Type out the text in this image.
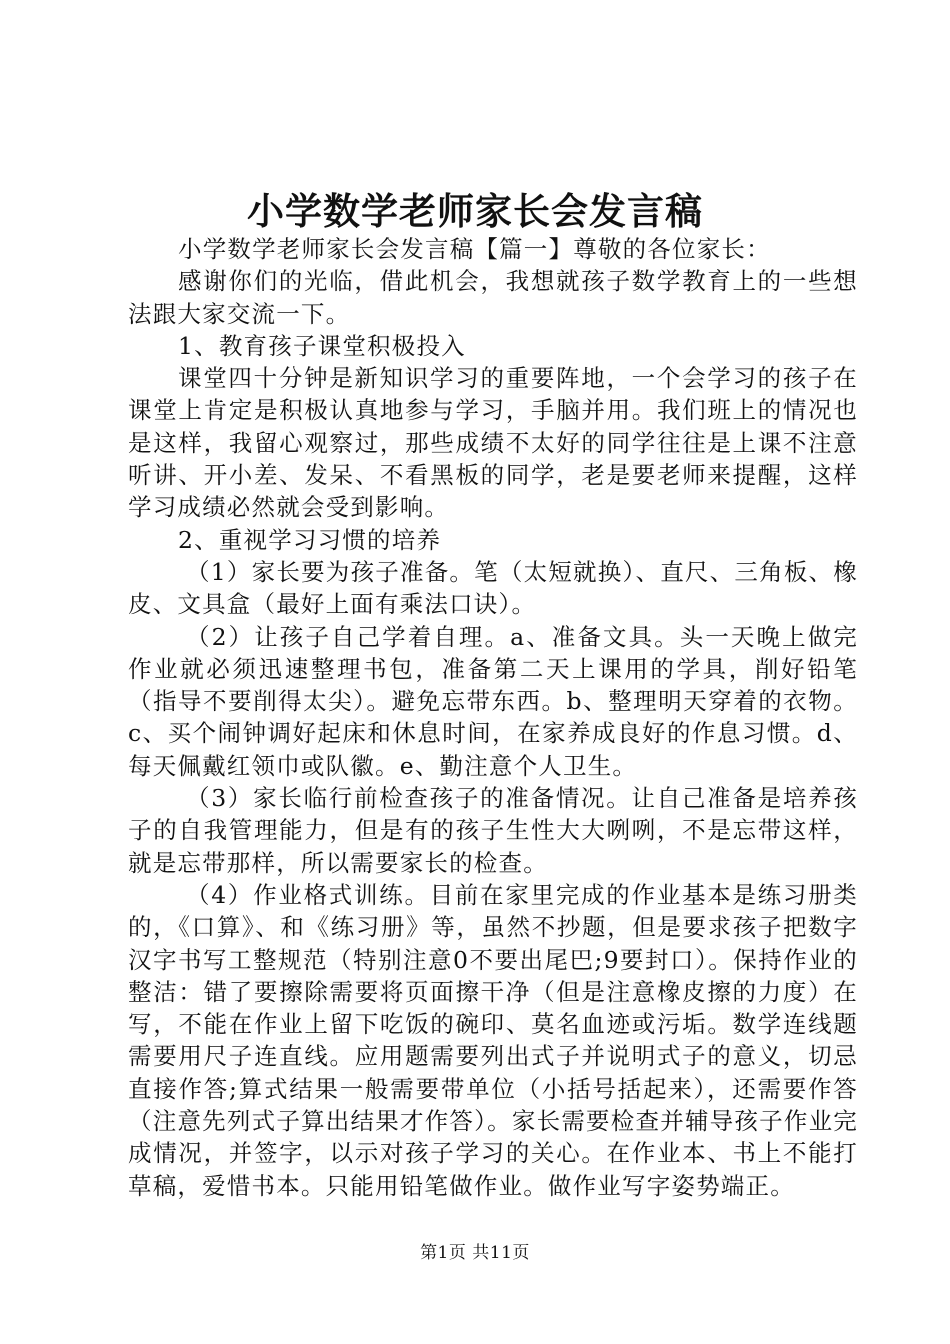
小学数学老师家长会发言稿

小学数学老师家长会发言稿【篇一】尊敬的各位家长：

感谢你们的光临，借此机会，我想就孩子数学教育上的一些想法跟大家交流一下。

1、教育孩子课堂积极投入

课堂四十分钟是新知识学习的重要阵地，一个会学习的孩子在课堂上肯定是积极认真地参与学习，手脑并用。我们班上的情况也是这样，我留心观察过，那些成绩不太好的同学往往是上课不注意听讲、开小差、发呆、不看黑板的同学，老是要老师来提醒，这样学习成绩必然就会受到影响。

2、重视学习习惯的培养

（1）家长要为孩子准备。笔（太短就换）、直尺、三角板、橡皮、文具盒（最好上面有乘法口诀）。

（2）让孩子自己学着自理。a、准备文具。头一天晚上做完作业就必须迅速整理书包，准备第二天上课用的学具，削好铅笔（指导不要削得太尖）。避免忘带东西。b、整理明天穿着的衣物。c、买个闹钟调好起床和休息时间，在家养成良好的作息习惯。d、每天佩戴红领巾或队徽。e、勤注意个人卫生。

（3）家长临行前检查孩子的准备情况。让自己准备是培养孩子的自我管理能力，但是有的孩子生性大大咧咧，不是忘带这样，就是忘带那样，所以需要家长的检查。

（4）作业格式训练。目前在家里完成的作业基本是练习册类的，《口算》、和《练习册》等，虽然不抄题，但是要求孩子把数字汉字书写工整规范（特别注意0不要出尾巴;9要封口）。保持作业的整洁：错了要擦除需要将页面擦干净（但是注意橡皮擦的力度）在写，不能在作业上留下吃饭的碗印、莫名血迹或污垢。数学连线题需要用尺子连直线。应用题需要列出式子并说明式子的意义，切忌直接作答;算式结果一般需要带单位（小括号括起来），还需要作答（注意先列式子算出结果才作答）。家长需要检查并辅导孩子作业完成情况，并签字，以示对孩子学习的关心。在作业本、书上不能打草稿，爱惜书本。只能用铅笔做作业。做作业写字姿势端正。

第1页 共11页
